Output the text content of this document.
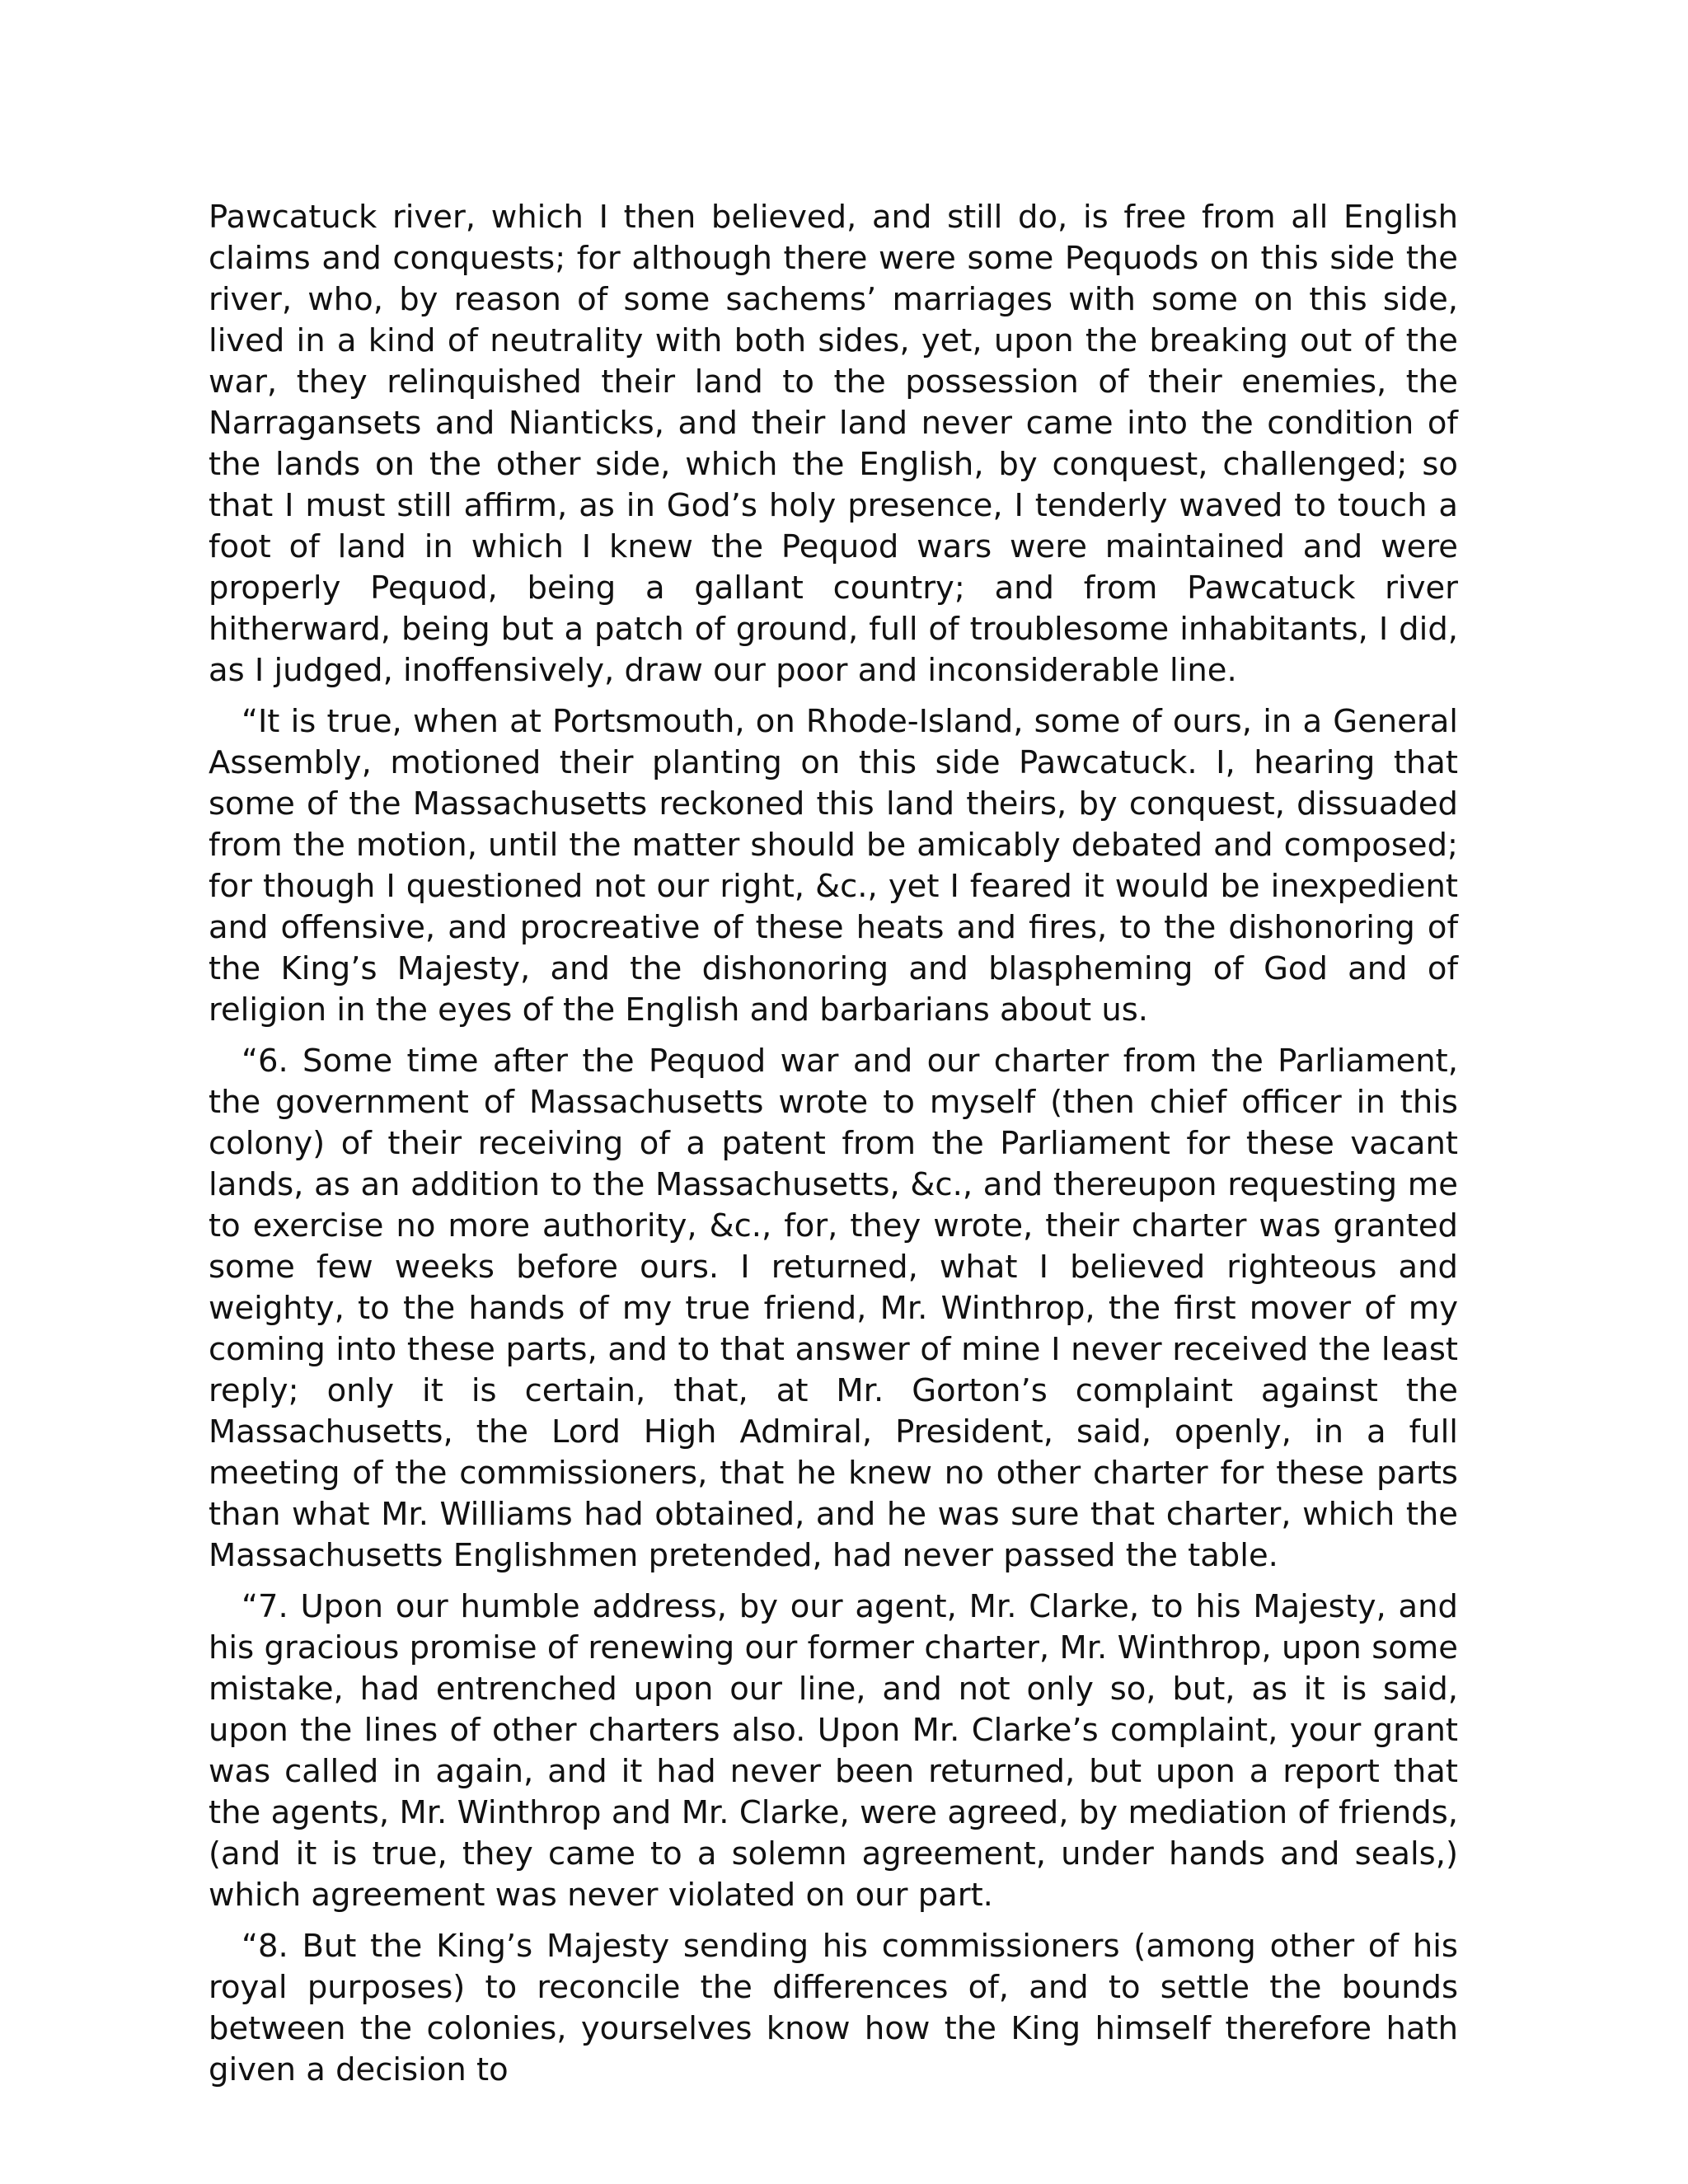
Pawcatuck river, which I then believed, and still do, is free from all English claims and conquests; for although there were some Pequods on this side the river, who, by reason of some sachems’ marriages with some on this side, lived in a kind of neutrality with both sides, yet, upon the breaking out of the war, they relinquished their land to the possession of their enemies, the Narragansets and Nianticks, and their land never came into the condition of the lands on the other side, which the English, by conquest, challenged; so that I must still affirm, as in God’s holy presence, I tenderly waved to touch a foot of land in which I knew the Pequod wars were maintained and were properly Pequod, being a gallant country; and from Pawcatuck river hitherward, being but a patch of ground, full of troublesome inhabitants, I did, as I judged, inoffensively, draw our poor and inconsiderable line.

“It is true, when at Portsmouth, on Rhode-Island, some of ours, in a General Assembly, motioned their planting on this side Pawcatuck. I, hearing that some of the Massachusetts reckoned this land theirs, by conquest, dissuaded from the motion, until the matter should be amicably debated and composed; for though I questioned not our right, &c., yet I feared it would be inexpedient and offensive, and procreative of these heats and fires, to the dishonoring of the King’s Majesty, and the dishonoring and blaspheming of God and of religion in the eyes of the English and barbarians about us.

“6. Some time after the Pequod war and our charter from the Parliament, the government of Massachusetts wrote to myself (then chief officer in this colony) of their receiving of a patent from the Parliament for these vacant lands, as an addition to the Massachusetts, &c., and thereupon requesting me to exercise no more authority, &c., for, they wrote, their charter was granted some few weeks before ours. I returned, what I believed righteous and weighty, to the hands of my true friend, Mr. Winthrop, the first mover of my coming into these parts, and to that answer of mine I never received the least reply; only it is certain, that, at Mr. Gorton’s complaint against the Massachusetts, the Lord High Admiral, President, said, openly, in a full meeting of the commissioners, that he knew no other charter for these parts than what Mr. Williams had obtained, and he was sure that charter, which the Massachusetts Englishmen pretended, had never passed the table.

“7. Upon our humble address, by our agent, Mr. Clarke, to his Majesty, and his gracious promise of renewing our former charter, Mr. Winthrop, upon some mistake, had entrenched upon our line, and not only so, but, as it is said, upon the lines of other charters also. Upon Mr. Clarke’s complaint, your grant was called in again, and it had never been returned, but upon a report that the agents, Mr. Winthrop and Mr. Clarke, were agreed, by mediation of friends, (and it is true, they came to a solemn agreement, under hands and seals,) which agreement was never violated on our part.

“8. But the King’s Majesty sending his commissioners (among other of his royal purposes) to reconcile the differences of, and to settle the bounds between the colonies, yourselves know how the King himself therefore hath given a decision to
